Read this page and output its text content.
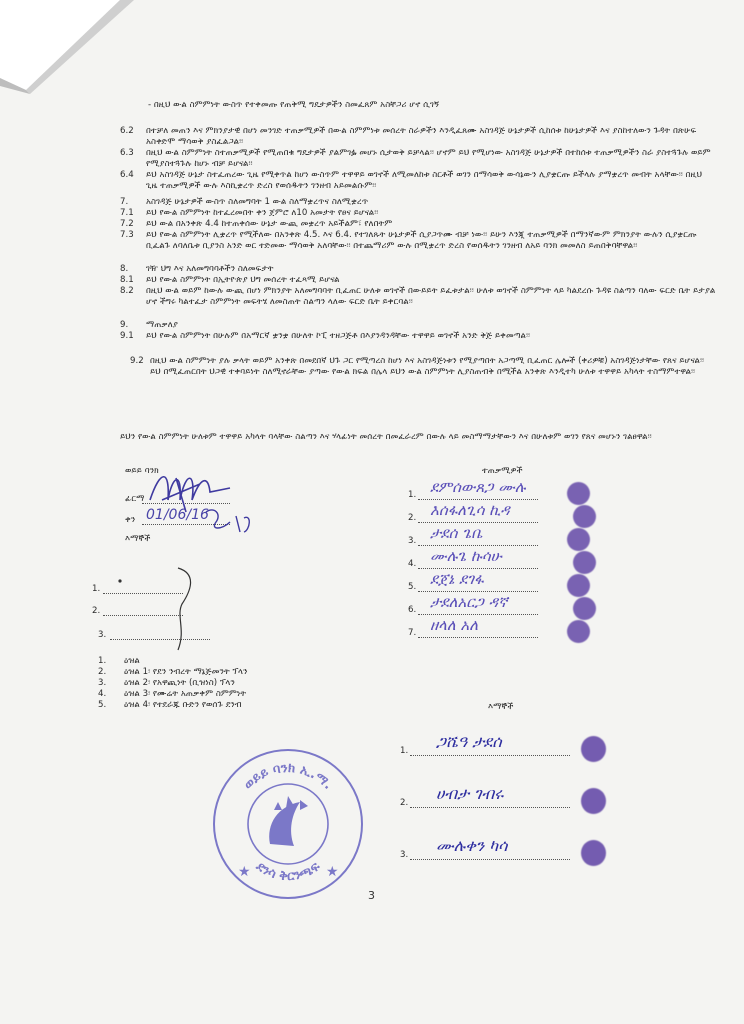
- በዚህ ውል ስምምነት ውስጥ የተቀመጡ የጠቅሚ ግዴታዎችን ስመፈጸም አስቸጋሪ ሆኖ ሲገኝ
6.2 በተቻለ መጠን እና ምክንያታዊ በሆነ መንገድ ተጠቃሚዎች በውል ስምምነቱ መሰረት ስራዎችን እንዲፈጸሙ አስገዳጅ ሁኔታዎች ሲከሰቱ ከሁኔታዎች እና ያስከተለውን ጉዳት በጽሁፍ አስቀድሞ ማሳወቅ ያስፈልጋል፡፡
6.3 በዚህ ውል ስምምነት ስተጠቃሚዎች የሚጠበቁ ግዴታዎች ያልምገፏ መሆኑ ሲታወቅ ይቻላል፡፡ ሆኖም ይህ የሚሆነው አስገዳጅ ሁኔታዎች በተከሰቱ ተጠቃሚዎችን ስራ ያስተጓጉሉ ወይም የሚያስተጓጉሉ ከሆኑ ብቻ ይሆናል፡፡
6.4 ይህ አስገዳጅ ሁኔታ ስተፈጠረው ጊዜ የሚቀጥል ከሆነ ውስጥም ተዋዋይ ወገኖች ለሚመለከቱ ስርቶች ወገን በማሳወቅ ውሳኔውን ሊያቋርጡ ይችላሉ ያማቋረጥ መብት አላቸው፡፡ በዚህ ጊዜ ተጠቃሚዎች ውሉ እስኪቋረጥ ድረስ የወሰዱትን ገንዘብ አይመልሱም፡፡
7. አስገዳጅ ሁኔታዎች ውስጥ ስለመግባት 1 ውል ስለማቋረጥና ስለሚቋረጥ
7.1 ይህ የውል ስምምነት ከተፈረመበት ቀን ጀምሮ ለ10 አመታት የፀና ይሆናል፡፡
7.2 ይህ ውል በአንቀጽ 4.4 ከተጠቀሰው ሁኔታ ውጪ መቋረጥ አይችልም፣ የለበትም
7.3 ይህ የውል ስምምነት ሊቋረጥ የሚችለው በአንቀጽ 4.5. እና 6.4. የተገለጹት ሁኔታዎች ሲያጋጥሙ ብቻ ነው፡፡ ይሁን እንጂ ተጠቃሚዎች በማንኛውም ምክንያት ውሉን ሲያቋርጡ ቢፈልጉ ለባለቤቱ ቢያንስ አንድ ወር ተድመው ማሳወቅ አለባቸው፡፡ በተጨማሪም ውሉ በሚቋረጥ ድረስ የወሰዱትን ገንዘብ ለአይ ባንክ መመለስ ይጠበቅባቸዋል፡፡
8. ገዥ ህግ እና አለመግባባቶችን ስለመፍታት
8.1 ይህ የውል ስምምነት በኢትዮጵያ ህግ መሰረት ተፈጻሚ ይሆናል
8.2 በዚህ ውል ወይም ከውሉ ውጪ በሆነ ምክንያት አለመግባባት ቢፈጠር ሁለቱ ወገኖች በውይይት ይፈቱታል፡፡ ሁለቱ ወገኖች ስምምነት ላይ ካልደረሱ ጉዳዩ ስልጣን ባለው ፍርድ ቤት ይታያል ሆኖ ችግሩ ካልተፈታ ስምምነት መፍትሄ ለመስጠት ስልጣን ላለው ፍርድ ቤት ይቀርባል፡፡
9. ማጠቃለያ
9.1 ይህ የውል ስምምነት በሁሉም በአማርኛ ቋንቋ በሁለት ኮፒ ተዘጋጅቶ በእያንዳንዳቸው ተዋዋይ ወገኖች አንድ ቅጅ ይቀመጣል፡፡
9.2 በዚህ ውል ስምምነት ያሉ ቃላት ወይም አንቀጽ በመደበኛ ህጉ ጋር የሚጣረስ ከሆነ እና አስገዳጅነቱን የሚያጣበት አጋጣሚ ቢፈጠር ሌሎች (ቀሪዎቹ) አስገዳጅነታቸው የጸና ይሆናል፡፡ ይህ በሚፈጠርበት ህጋዊ ተቀባይነት ስለሚኖራቸው ያጣው የውል ክፍል በሌላ ይህን ውል ስምምነት ሊያስጠብቅ በሚችል አንቀጽ እንዲተካ ሁለቱ ተዋዋይ አካላት ተስማምተዋል፡፡
ይህን የውል ስምምነት ሁለቱም ተዋዋይ አካላት ባላቸው ስልጣን እና ሃላፊነት መሰረት በመፈራረም በውሉ ላይ መስማማታቸውን እና በሁለቱም ወገን የጸና መሆኑን ገልፀዋል፡፡
ወይይ ባንክ
ፊርማ
ቀን 01/06/16
እማኞች
1.
2.
3.
ተጠቃሚዎች
1. ደምሰውጸጋ ሙሉ
2. እሰፋለጊሳ ኪዳ
3. ታደሰ ጌቤ
4. ሙሉጌ ኩሳሁ
5. ደጀኔ ደገፋ
6. ታደለአርጋ ዳኛ
7. ዘላለ አለ
1. ዕዝል
2. ዕዝል 1፡ የደን ንብረት ማኔጅመንት ፕላን
3. ዕዝል 2፡ የአዋጪነት (ቢዝነስ) ፕላን
4. ዕዝል 3፡ የሙሬት አጠቃቀም ስምምነት
5. ዕዝል 4፡ የተደራጁ ቡድን የወሰጉ ደንብ	እማኞች
1. ጋሼዓ ታደሰ
2. ሀብታ ገብሩ
3. ሙሉቀን ካሳ
ወይይ ባንክ ኢ.ማ.
ደንሳ ቅርንጫፍ
★	★
3
